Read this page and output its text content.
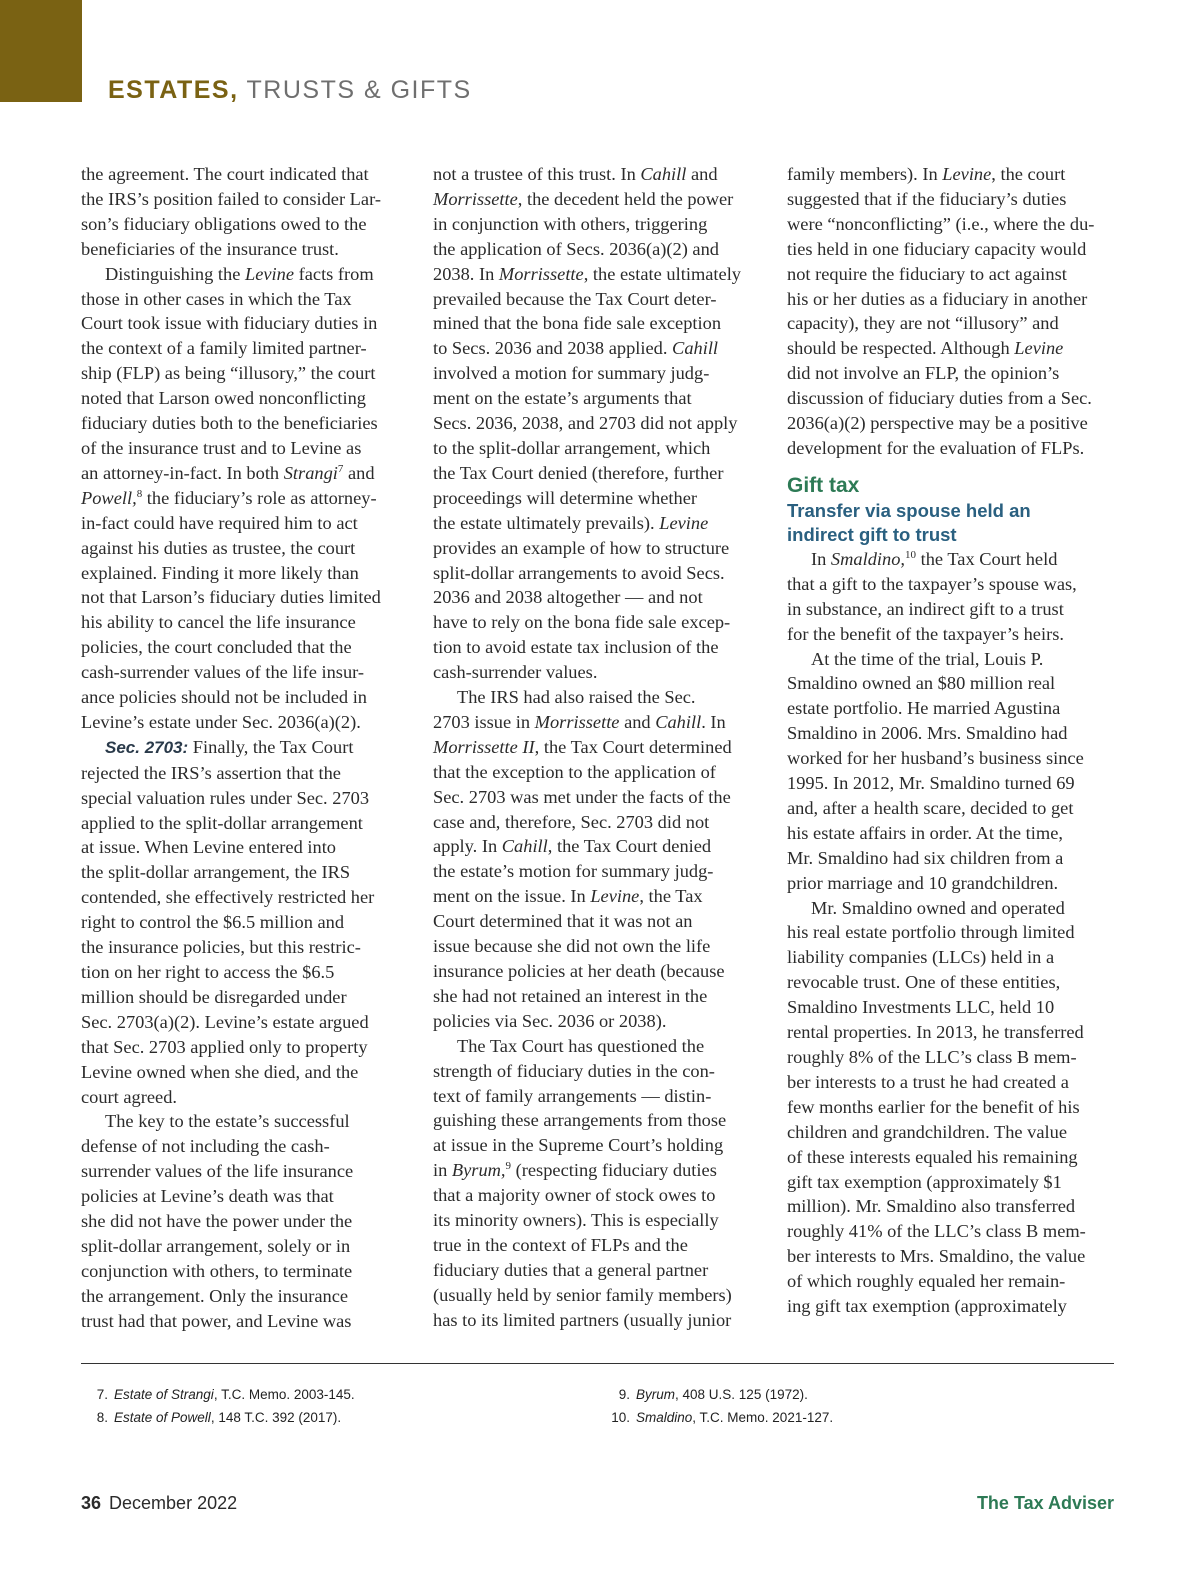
ESTATES, TRUSTS & GIFTS

the agreement. The court indicated that
the IRS’s position failed to consider Lar-
son’s fiduciary obligations owed to the
beneficiaries of the insurance trust.

Distinguishing the Levine facts from
those in other cases in which the Tax
Court took issue with fiduciary duties in
the context of a family limited partner-
ship (FLP) as being “illusory,” the court
noted that Larson owed nonconflicting
fiduciary duties both to the beneficiaries
of the insurance trust and to Levine as
an attorney-in-fact. In both Strangi$^7$ and
Powell,$^8$ the fiduciary’s role as attorney-
in-fact could have required him to act
against his duties as trustee, the court
explained. Finding it more likely than
not that Larson’s fiduciary duties limited
his ability to cancel the life insurance
policies, the court concluded that the
cash-surrender values of the life insur-
ance policies should not be included in
Levine’s estate under Sec. 2036(a)(2).

Sec. 2703: Finally, the Tax Court
rejected the IRS’s assertion that the
special valuation rules under Sec. 2703
applied to the split-dollar arrangement
at issue. When Levine entered into
the split-dollar arrangement, the IRS
contended, she effectively restricted her
right to control the $6.5 million and
the insurance policies, but this restric-
tion on her right to access the $6.5
million should be disregarded under
Sec. 2703(a)(2). Levine’s estate argued
that Sec. 2703 applied only to property
Levine owned when she died, and the
court agreed.

The key to the estate’s successful
defense of not including the cash-
surrender values of the life insurance
policies at Levine’s death was that
she did not have the power under the
split-dollar arrangement, solely or in
conjunction with others, to terminate
the arrangement. Only the insurance
trust had that power, and Levine was

not a trustee of this trust. In Cahill and
Morrissette, the decedent held the power
in conjunction with others, triggering
the application of Secs. 2036(a)(2) and
2038. In Morrissette, the estate ultimately
prevailed because the Tax Court deter-
mined that the bona fide sale exception
to Secs. 2036 and 2038 applied. Cahill
involved a motion for summary judg-
ment on the estate’s arguments that
Secs. 2036, 2038, and 2703 did not apply
to the split-dollar arrangement, which
the Tax Court denied (therefore, further
proceedings will determine whether
the estate ultimately prevails). Levine
provides an example of how to structure
split-dollar arrangements to avoid Secs.
2036 and 2038 altogether — and not
have to rely on the bona fide sale excep-
tion to avoid estate tax inclusion of the
cash-surrender values.

The IRS had also raised the Sec.
2703 issue in Morrissette and Cahill. In
Morrissette II, the Tax Court determined
that the exception to the application of
Sec. 2703 was met under the facts of the
case and, therefore, Sec. 2703 did not
apply. In Cahill, the Tax Court denied
the estate’s motion for summary judg-
ment on the issue. In Levine, the Tax
Court determined that it was not an
issue because she did not own the life
insurance policies at her death (because
she had not retained an interest in the
policies via Sec. 2036 or 2038).

The Tax Court has questioned the
strength of fiduciary duties in the con-
text of family arrangements — distin-
guishing these arrangements from those
at issue in the Supreme Court’s holding
in Byrum,$^9$ (respecting fiduciary duties
that a majority owner of stock owes to
its minority owners). This is especially
true in the context of FLPs and the
fiduciary duties that a general partner
(usually held by senior family members)
has to its limited partners (usually junior

family members). In Levine, the court
suggested that if the fiduciary’s duties
were “nonconflicting” (i.e., where the du-
ties held in one fiduciary capacity would
not require the fiduciary to act against
his or her duties as a fiduciary in another
capacity), they are not “illusory” and
should be respected. Although Levine
did not involve an FLP, the opinion’s
discussion of fiduciary duties from a Sec.
2036(a)(2) perspective may be a positive
development for the evaluation of FLPs.

Gift tax
Transfer via spouse held an
indirect gift to trust

In Smaldino,$^{10}$ the Tax Court held
that a gift to the taxpayer’s spouse was,
in substance, an indirect gift to a trust
for the benefit of the taxpayer’s heirs.

At the time of the trial, Louis P.
Smaldino owned an $80 million real
estate portfolio. He married Agustina
Smaldino in 2006. Mrs. Smaldino had
worked for her husband’s business since
1995. In 2012, Mr. Smaldino turned 69
and, after a health scare, decided to get
his estate affairs in order. At the time,
Mr. Smaldino had six children from a
prior marriage and 10 grandchildren.

Mr. Smaldino owned and operated
his real estate portfolio through limited
liability companies (LLCs) held in a
revocable trust. One of these entities,
Smaldino Investments LLC, held 10
rental properties. In 2013, he transferred
roughly 8% of the LLC’s class B mem-
ber interests to a trust he had created a
few months earlier for the benefit of his
children and grandchildren. The value
of these interests equaled his remaining
gift tax exemption (approximately $1
million). Mr. Smaldino also transferred
roughly 41% of the LLC’s class B mem-
ber interests to Mrs. Smaldino, the value
of which roughly equaled her remain-
ing gift tax exemption (approximately

7. Estate of Strangi, T.C. Memo. 2003-145.
8. Estate of Powell, 148 T.C. 392 (2017).
9. Byrum, 408 U.S. 125 (1972).
10. Smaldino, T.C. Memo. 2021-127.
36 December 2022	The Tax Adviser
